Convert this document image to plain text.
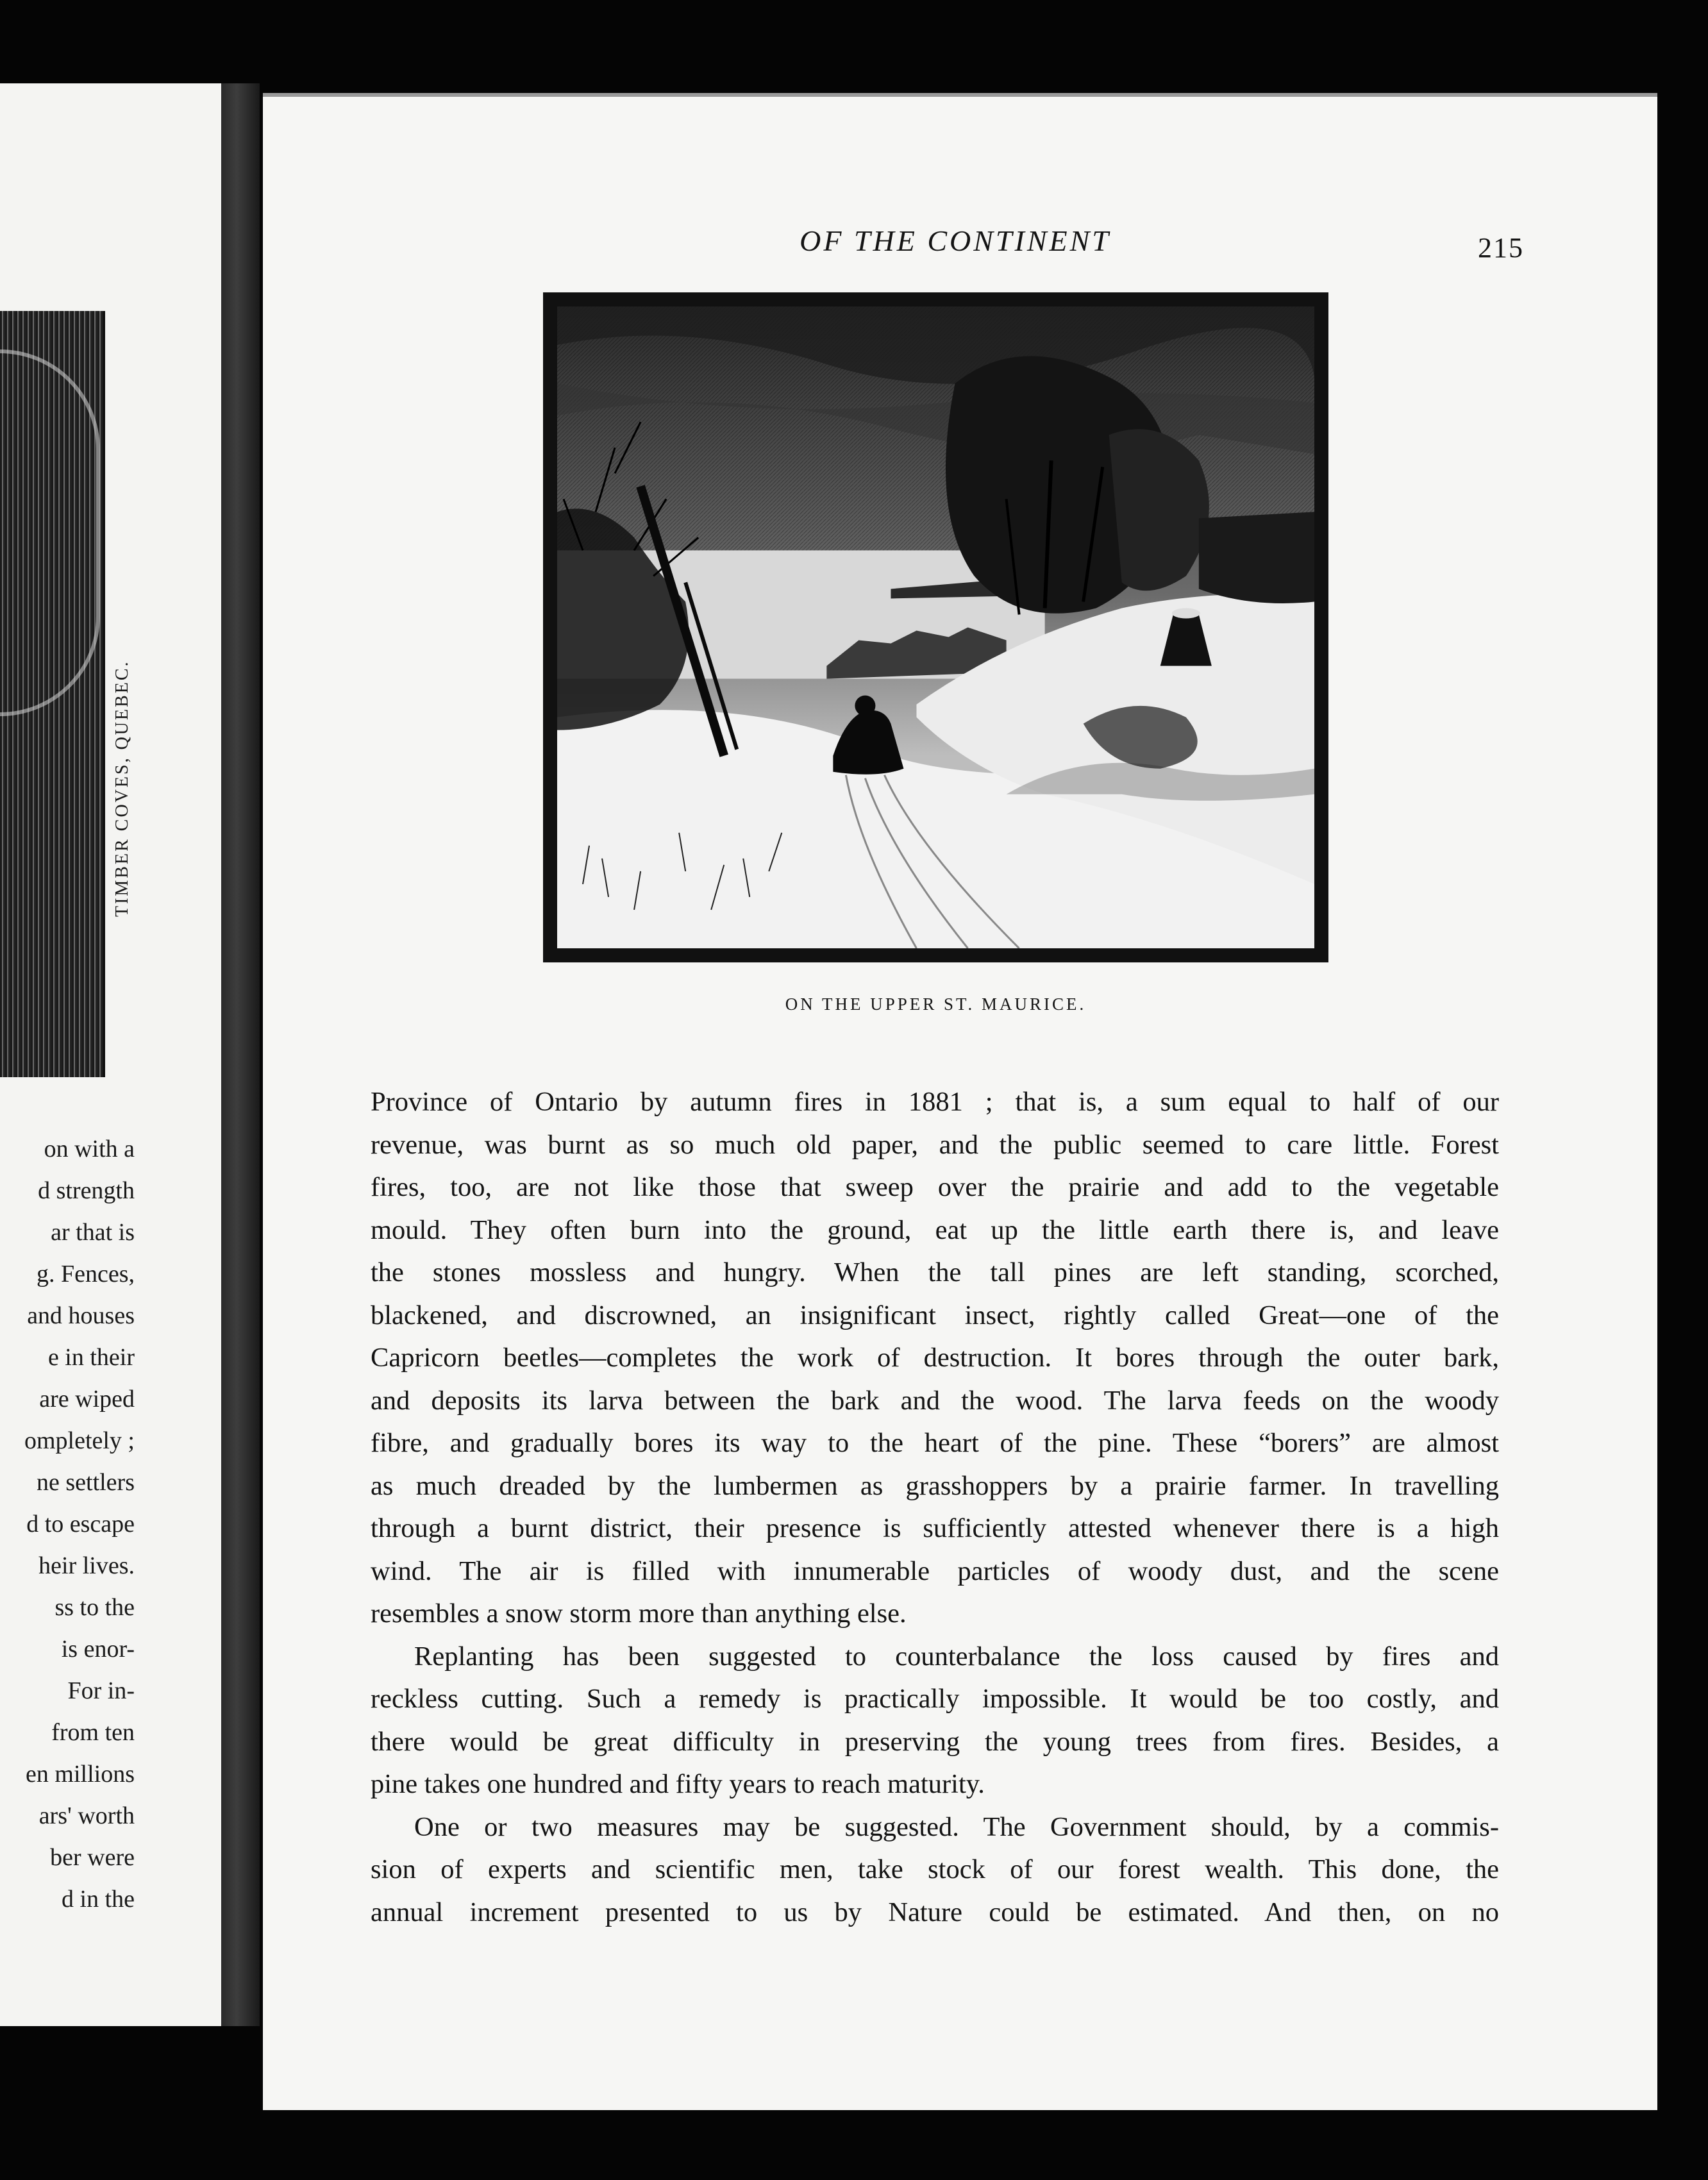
TIMBER COVES, QUEBEC.
on with a
d strength
ar that is
g. Fences,
and houses
e in their
are wiped
ompletely ;
ne settlers
d to escape
heir lives.
ss to the
is enor-
For in-
from ten
en millions
ars' worth
ber were
d in the
OF THE CONTINENT	215
ON THE UPPER ST. MAURICE.

Province of Ontario by autumn fires in 1881 ; that is, a sum equal to half of our
revenue, was burnt as so much old paper, and the public seemed to care little. Forest
fires, too, are not like those that sweep over the prairie and add to the vegetable
mould. They often burn into the ground, eat up the little earth there is, and leave
the stones mossless and hungry. When the tall pines are left standing, scorched,
blackened, and discrowned, an insignificant insect, rightly called Great—one of the
Capricorn beetles—completes the work of destruction. It bores through the outer bark,
and deposits its larva between the bark and the wood. The larva feeds on the woody
fibre, and gradually bores its way to the heart of the pine. These “borers” are almost
as much dreaded by the lumbermen as grasshoppers by a prairie farmer. In travelling
through a burnt district, their presence is sufficiently attested whenever there is a high
wind. The air is filled with innumerable particles of woody dust, and the scene
resembles a snow storm more than anything else.

Replanting has been suggested to counterbalance the loss caused by fires and
reckless cutting. Such a remedy is practically impossible. It would be too costly, and
there would be great difficulty in preserving the young trees from fires. Besides, a
pine takes one hundred and fifty years to reach maturity.

One or two measures may be suggested. The Government should, by a commis-
sion of experts and scientific men, take stock of our forest wealth. This done, the
annual increment presented to us by Nature could be estimated. And then, on no
